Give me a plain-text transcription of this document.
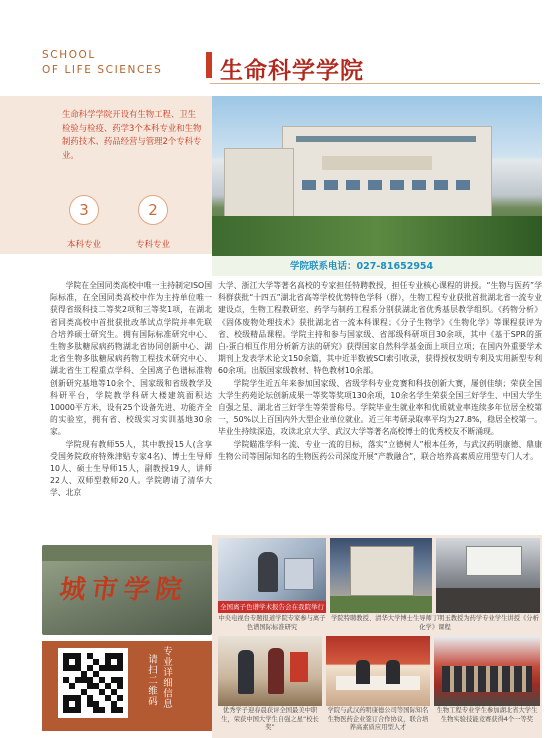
SCHOOL
OF LIFE SCIENCES	生命科学学院
生命科学学院开设有生物工程、卫生检验与检疫、药学3个本科专业和生物制药技术、药品经营与管理2个专科专业。
3
本科专业
2
专科专业
学院联系电话：027-81652954

学院在全国同类高校中唯一主持制定ISO国际标准，在全国同类高校中作为主持单位唯一获得省级科技二等奖2项和三等奖1项，在湖北省同类高校中首批获批改革试点学院并率先联合培养硕士研究生。拥有国际标准研究中心、生物多肽糖尿病药物湖北省协同创新中心、湖北省生物多肽糖尿病药物工程技术研究中心、湖北省生工程重点学科、全国离子色谱标准物创新研究基地等10余个、国家级和省级教学及科研平台，学院教学科研大楼建筑面积达10000平方米，设有25个设备先进、功能齐全的实验室，拥有省、校级实习实训基地30余家。

学院现有教师55人，其中教授15人(含享受国务院政府特殊津贴专家4名)、博士生导师10人、硕士生导师15人，副教授19人，讲师22人、双师型教师20人。学院聘请了清华大学、北京

大学、浙江大学等著名高校的专家担任特聘教授，担任专业核心课程的讲授。“生物与医药”学科群获批“十四五”湖北省高等学校优势特色学科（群），生物工程专业获批首批湖北省一流专业建设点，生物工程教研室、药学与制药工程系分别获湖北省优秀基层教学组织。《药物分析》《固体废物处理技术》获批湖北省一流本科课程；《分子生物学》《生物化学》等课程获评为省、校级精品课程。学院主持和参与国家级、省部级科研项目30余项，其中《基于SPR的蛋白-蛋白相互作用分析新方法的研究》获得国家自然科学基金面上项目立项；在国内外重要学术期刊上发表学术论文150余篇，其中近半数被SCI索引收录，获得授权发明专利及实用新型专利60余项。出版国家级教材、特色教材10余部。

学院学生近五年来参加国家级、省级学科专业竞赛和科技创新大赛，屡创佳绩；荣获全国大学生药苑论坛创新成果一等奖等奖项130余项，10余名学生荣获全国三好学生、中国大学生自强之星、湖北省三好学生等荣誉称号。学院毕业生就业率和优质就业率连续多年位居全校第一，50%以上百国内外大型企业单位就业。近三年考研录取率平均为27.8%，稳居全校第一。毕业生持续深造，攻读北京大学、武汉大学等著名高校博士的优秀校友不断涌现。

学院瞄准学科一流、专业一流的目标，落实“立德树人”根本任务，与武汉药明康德、鼎康生物公司等国际知名的生物医药公司深度开展“产教融合”，联合培养高素质应用型专门人才。

城市学院
专业详细信息
请扫二维码
全国离子色谱学术报告会在我院举行
中央电视台专题报道学院专家参与离子色谱国际标准研究
学院特聘教授、清华大学博士生导师丁明玉教授为药学专业学生讲授《分析化学》课程
优秀学子迎春晨获评全国最美中职生，荣获中国大学生自强之星“校长奖”
学院与武汉药明康德公司等国际知名生物医药企业签订合作协议，联合培养高素质应用型人才
生物工程专业学生参加湖北省大学生生物实验技能竞赛获得4个一等奖
